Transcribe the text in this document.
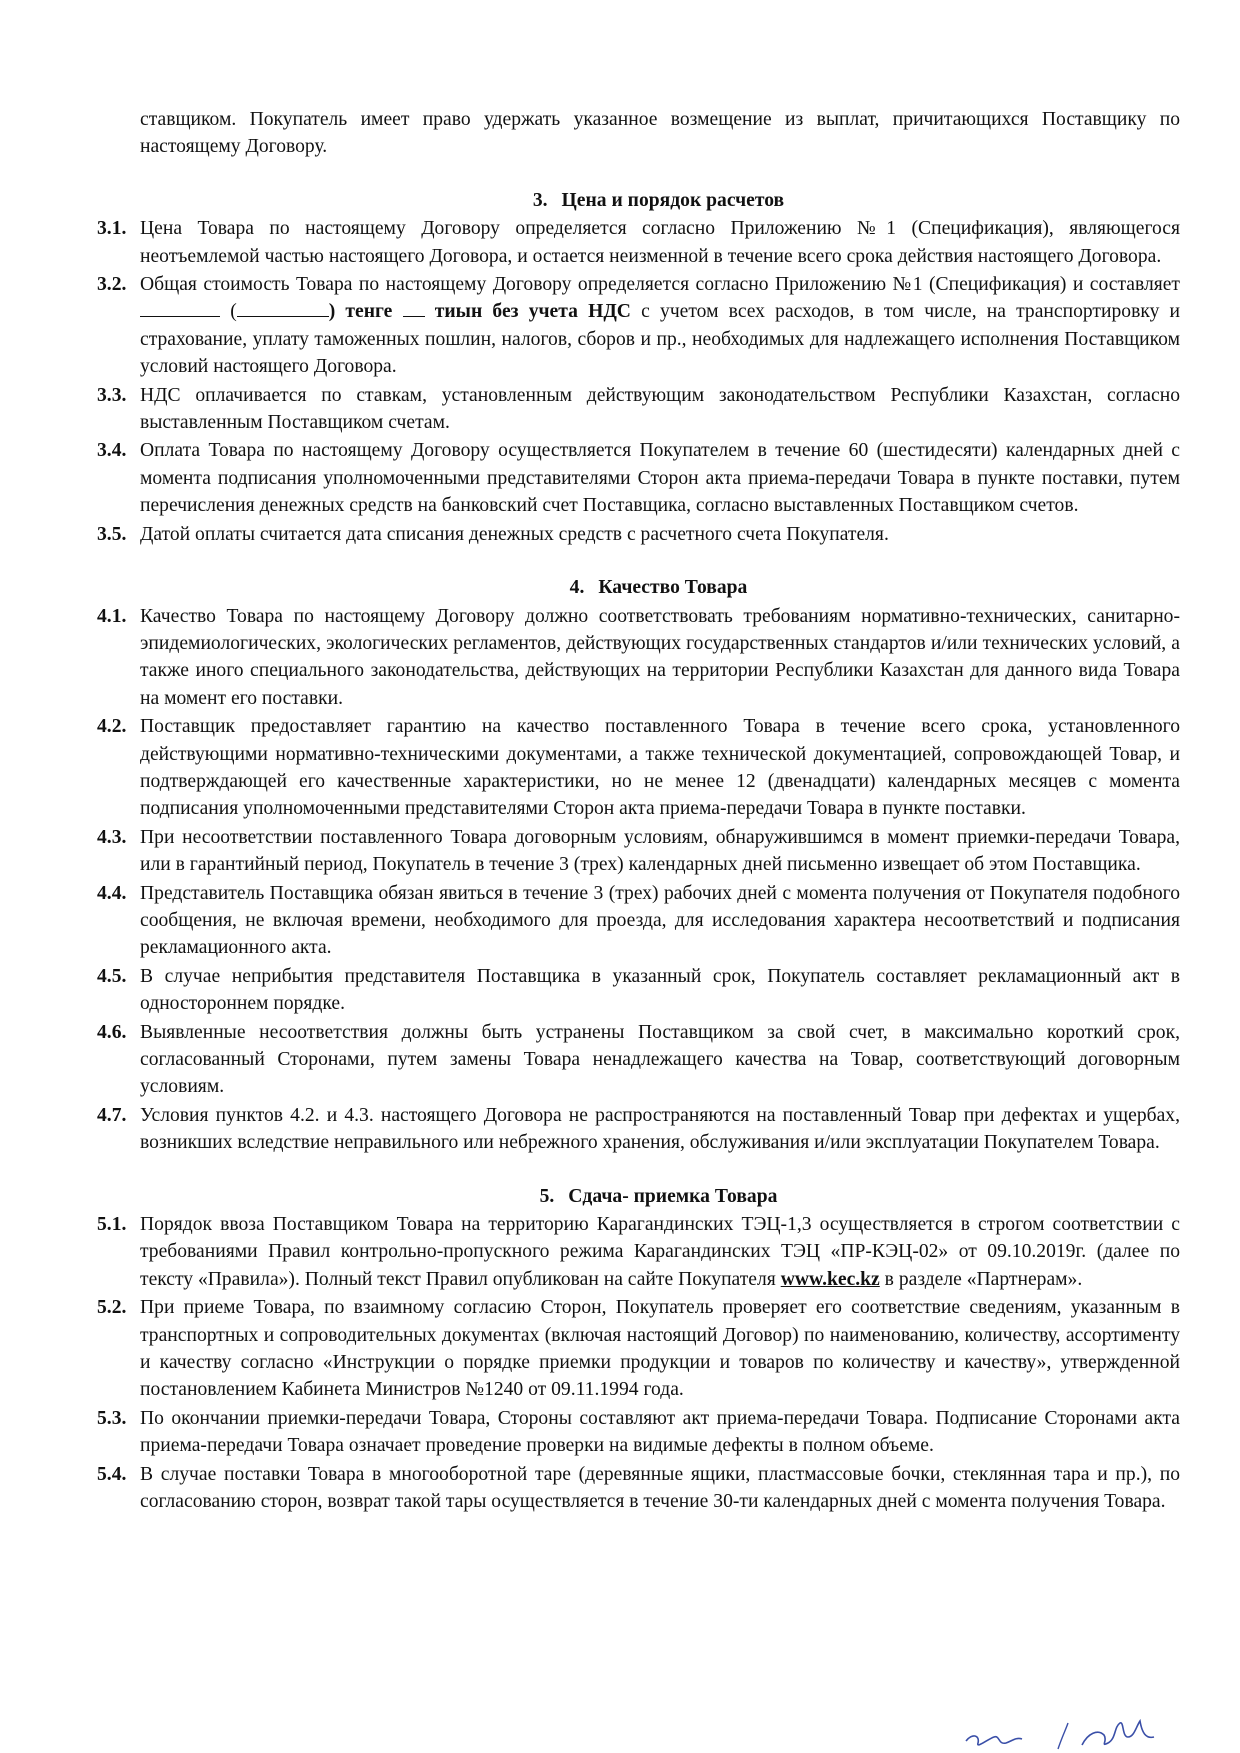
ставщиком. Покупатель имеет право удержать указанное возмещение из выплат, причитающихся Поставщику по настоящему Договору.

3. Цена и порядок расчетов
3.1. Цена Товара по настоящему Договору определяется согласно Приложению №1 (Спецификация), являющегося неотъемлемой частью настоящего Договора, и остается неизменной в течение всего срока действия настоящего Договора.
3.2. Общая стоимость Товара по настоящему Договору определяется согласно Приложению №1 (Спецификация) и составляет  (	) тенге тиын без учета НДС с учетом всех расходов, в том числе, на транспортировку и страхование, уплату таможенных пошлин, налогов, сборов и пр., необходимых для надлежащего исполнения Поставщиком условий настоящего Договора.
3.3. НДС оплачивается по ставкам, установленным действующим законодательством Республики Казахстан, согласно выставленным Поставщиком счетам.
3.4. Оплата Товара по настоящему Договору осуществляется Покупателем в течение 60 (шестидесяти) календарных дней с момента подписания уполномоченными представителями Сторон акта приема-передачи Товара в пункте поставки, путем перечисления денежных средств на банковский счет Поставщика, согласно выставленных Поставщиком счетов.
3.5. Датой оплаты считается дата списания денежных средств с расчетного счета Покупателя.
4. Качество Товара
4.1. Качество Товара по настоящему Договору должно соответствовать требованиям нормативно-технических, санитарно-эпидемиологических, экологических регламентов, действующих государственных стандартов и/или технических условий, а также иного специального законодательства, действующих на территории Республики Казахстан для данного вида Товара на момент его поставки.
4.2. Поставщик предоставляет гарантию на качество поставленного Товара в течение всего срока, установленного действующими нормативно-техническими документами, а также технической документацией, сопровождающей Товар, и подтверждающей его качественные характеристики, но не менее 12 (двенадцати) календарных месяцев с момента подписания уполномоченными представителями Сторон акта приема-передачи Товара в пункте поставки.
4.3. При несоответствии поставленного Товара договорным условиям, обнаружившимся в момент приемки-передачи Товара, или в гарантийный период, Покупатель в течение 3 (трех) календарных дней письменно извещает об этом Поставщика.
4.4. Представитель Поставщика обязан явиться в течение 3 (трех) рабочих дней с момента получения от Покупателя подобного сообщения, не включая времени, необходимого для проезда, для исследования характера несоответствий и подписания рекламационного акта.
4.5. В случае неприбытия представителя Поставщика в указанный срок, Покупатель составляет рекламационный акт в одностороннем порядке.
4.6. Выявленные несоответствия должны быть устранены Поставщиком за свой счет, в максимально короткий срок, согласованный Сторонами, путем замены Товара ненадлежащего качества на Товар, соответствующий договорным условиям.
4.7. Условия пунктов 4.2. и 4.3. настоящего Договора не распространяются на поставленный Товар при дефектах и ущербах, возникших вследствие неправильного или небрежного хранения, обслуживания и/или эксплуатации Покупателем Товара.
5. Сдача- приемка Товара
5.1. Порядок ввоза Поставщиком Товара на территорию Карагандинских ТЭЦ-1,3 осуществляется в строгом соответствии с требованиями Правил контрольно-пропускного режима Карагандинских ТЭЦ «ПР-КЭЦ-02» от 09.10.2019г. (далее по тексту «Правила»). Полный текст Правил опубликован на сайте Покупателя www.kec.kz в разделе «Партнерам».
5.2. При приеме Товара, по взаимному согласию Сторон, Покупатель проверяет его соответствие сведениям, указанным в транспортных и сопроводительных документах (включая настоящий Договор) по наименованию, количеству, ассортименту и качеству согласно «Инструкции о порядке приемки продукции и товаров по количеству и качеству», утвержденной постановлением Кабинета Министров №1240 от 09.11.1994 года.
5.3. По окончании приемки-передачи Товара, Стороны составляют акт приема-передачи Товара. Подписание Сторонами акта приема-передачи Товара означает проведение проверки на видимые дефекты в полном объеме.
5.4. В случае поставки Товара в многооборотной таре (деревянные ящики, пластмассовые бочки, стеклянная тара и пр.), по согласованию сторон, возврат такой тары осуществляется в течение 30-ти календарных дней с момента получения Товара.
